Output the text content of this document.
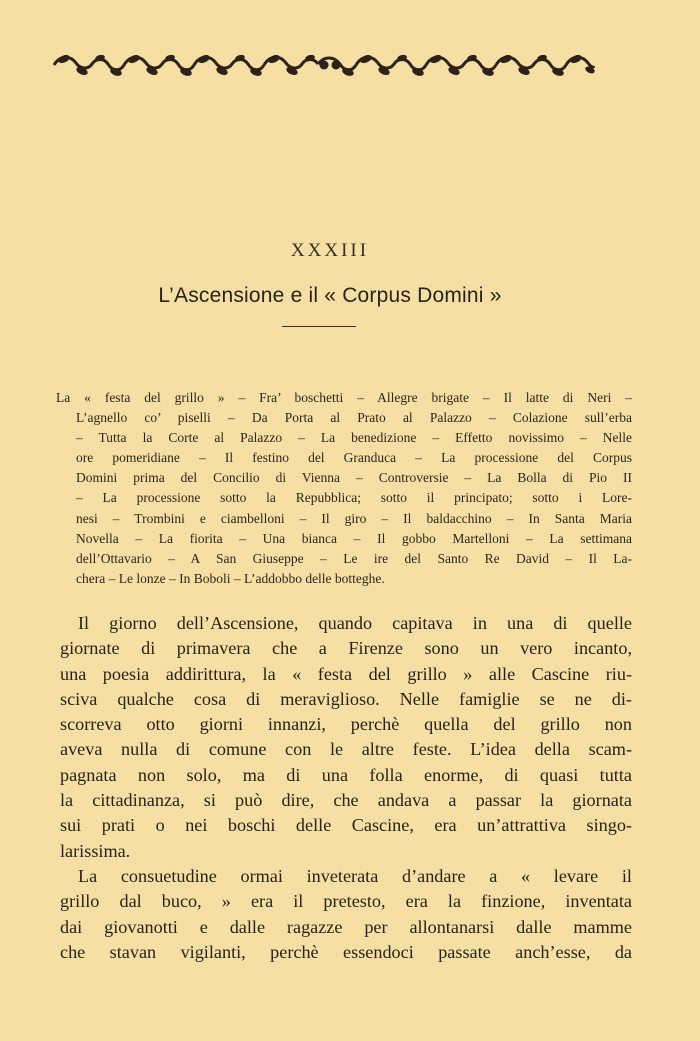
XXXIII
L’Ascensione e il « Corpus Domini »
La « festa del grillo » – Fra’ boschetti – Allegre brigate – Il latte di Neri –
L’agnello co’ piselli – Da Porta al Prato al Palazzo – Colazione sull’erba
– Tutta la Corte al Palazzo – La benedizione – Effetto novissimo – Nelle
ore pomeridiane – Il festino del Granduca – La processione del Corpus
Domini prima del Concilio di Vienna – Controversie – La Bolla di Pio II
– La processione sotto la Repubblica; sotto il principato; sotto i Lore-
nesi – Trombini e ciambelloni – Il giro – Il baldacchino – In Santa Maria
Novella – La fiorita – Una bianca – Il gobbo Martelloni – La settimana
dell’Ottavario – A San Giuseppe – Le ire del Santo Re David – Il La-
chera – Le lonze – In Boboli – L’addobbo delle botteghe.
Il giorno dell’Ascensione, quando capitava in una di quelle
giornate di primavera che a Firenze sono un vero incanto,
una poesia addirittura, la « festa del grillo » alle Cascine riu-
sciva qualche cosa di meraviglioso. Nelle famiglie se ne di-
scorreva otto giorni innanzi, perchè quella del grillo non
aveva nulla di comune con le altre feste. L’idea della scam-
pagnata non solo, ma di una folla enorme, di quasi tutta
la cittadinanza, si può dire, che andava a passar la giornata
sui prati o nei boschi delle Cascine, era un’attrattiva singo-
larissima.
La consuetudine ormai inveterata d’andare a « levare il
grillo dal buco, » era il pretesto, era la finzione, inventata
dai giovanotti e dalle ragazze per allontanarsi dalle mamme
che stavan vigilanti, perchè essendoci passate anch’esse, da
